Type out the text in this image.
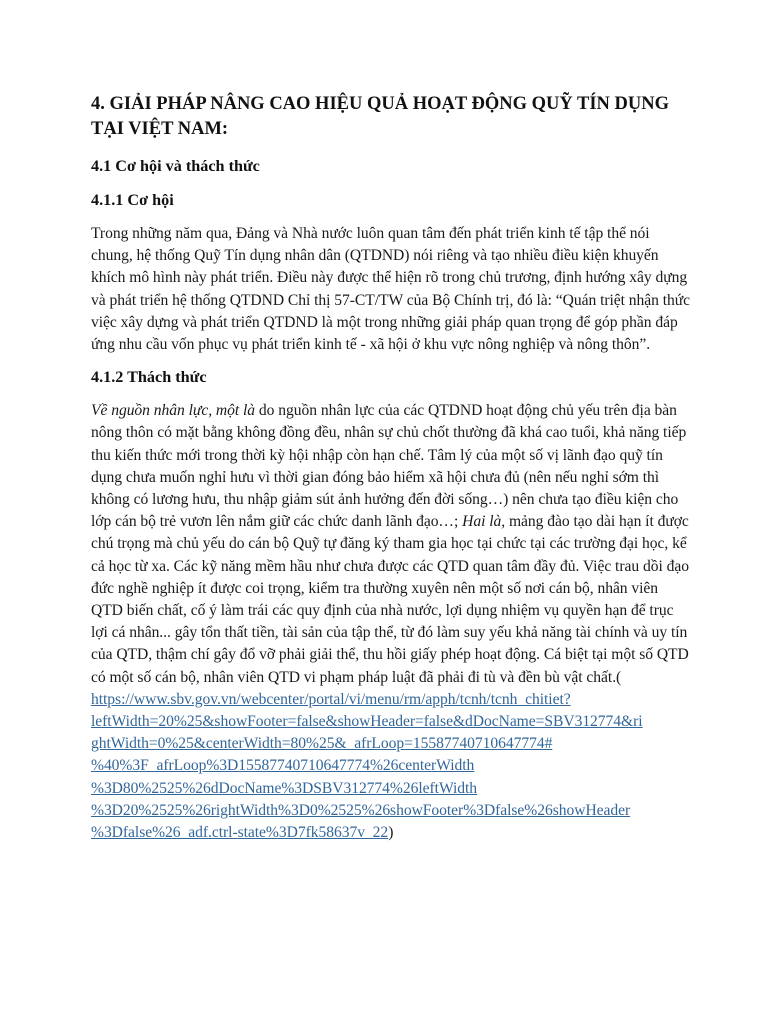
4. GIẢI PHÁP NÂNG CAO HIỆU QUẢ HOẠT ĐỘNG QUỸ TÍN DỤNG TẠI VIỆT NAM:
4.1 Cơ hội và thách thức
4.1.1 Cơ hội

Trong những năm qua, Đảng và Nhà nước luôn quan tâm đến phát triển kinh tế tập thể nói chung, hệ thống Quỹ Tín dụng nhân dân (QTDND) nói riêng và tạo nhiều điều kiện khuyến khích mô hình này phát triển. Điều này được thể hiện rõ trong chủ trương, định hướng xây dựng và phát triển hệ thống QTDND Chỉ thị 57-CT/TW của Bộ Chính trị, đó là: “Quán triệt nhận thức việc xây dựng và phát triển QTDND là một trong những giải pháp quan trọng để góp phần đáp ứng nhu cầu vốn phục vụ phát triển kinh tế - xã hội ở khu vực nông nghiệp và nông thôn”.

4.1.2 Thách thức

Về nguồn nhân lực, một là do nguồn nhân lực của các QTDND hoạt động chủ yếu trên địa bàn nông thôn có mặt bằng không đồng đều, nhân sự chủ chốt thường đã khá cao tuổi, khả năng tiếp thu kiến thức mới trong thời kỳ hội nhập còn hạn chế. Tâm lý của một số vị lãnh đạo quỹ tín dụng chưa muốn nghỉ hưu vì thời gian đóng bảo hiểm xã hội chưa đủ (nên nếu nghỉ sớm thì không có lương hưu, thu nhập giảm sút ảnh hưởng đến đời sống…) nên chưa tạo điều kiện cho lớp cán bộ trẻ vươn lên nắm giữ các chức danh lãnh đạo…; Hai là, mảng đào tạo dài hạn ít được chú trọng mà chủ yếu do cán bộ Quỹ tự đăng ký tham gia học tại chức tại các trường đại học, kể cả học từ xa. Các kỹ năng mềm hầu như chưa được các QTD quan tâm đầy đủ. Việc trau dồi đạo đức nghề nghiệp ít được coi trọng, kiểm tra thường xuyên nên một số nơi cán bộ, nhân viên QTD biến chất, cố ý làm trái các quy định của nhà nước, lợi dụng nhiệm vụ quyền hạn để trục lợi cá nhân... gây tổn thất tiền, tài sản của tập thể, từ đó làm suy yếu khả năng tài chính và uy tín của QTD, thậm chí gây đổ vỡ phải giải thể, thu hồi giấy phép hoạt động. Cá biệt tại một số QTD có một số cán bộ, nhân viên QTD vi phạm pháp luật đã phải đi tù và đền bù vật chất.(
https://www.sbv.gov.vn/webcenter/portal/vi/menu/rm/apph/tcnh/tcnh_chitiet?
leftWidth=20%25&showFooter=false&showHeader=false&dDocName=SBV312774&ri
ghtWidth=0%25&centerWidth=80%25&_afrLoop=15587740710647774#
%40%3F_afrLoop%3D15587740710647774%26centerWidth
%3D80%2525%26dDocName%3DSBV312774%26leftWidth
%3D20%2525%26rightWidth%3D0%2525%26showFooter%3Dfalse%26showHeader
%3Dfalse%26_adf.ctrl-state%3D7fk58637v_22)
